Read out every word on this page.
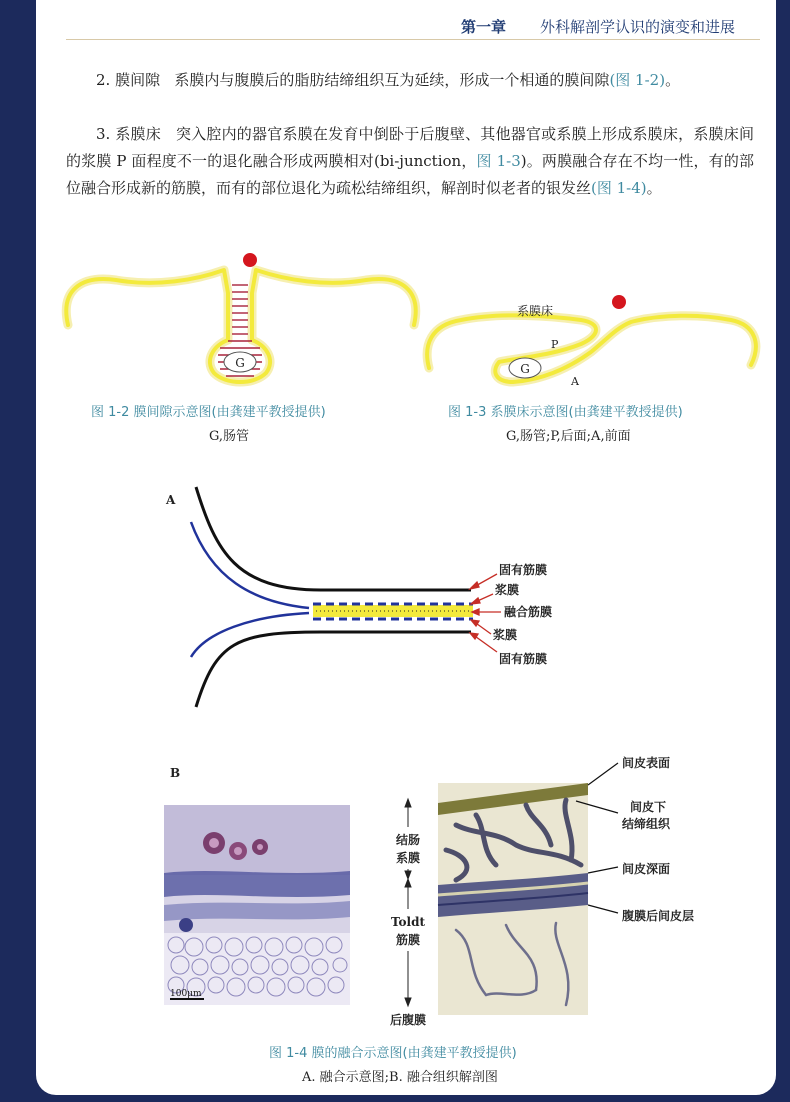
第一章 外科解剖学认识的演变和进展
2. 膜间隙 系膜内与腹膜后的脂肪结缔组织互为延续，形成一个相通的膜间隙(图 1-2)。
3. 系膜床 突入腔内的器官系膜在发育中倒卧于后腹壁、其他器官或系膜上形成系膜床，系膜床间的浆膜 P 面程度不一的退化融合形成两膜相对(bi-junction，图 1-3)。两膜融合存在不均一性，有的部位融合形成新的筋膜，而有的部位退化为疏松结缔组织，解剖时似老者的银发丝(图 1-4)。
G
图 1-2 膜间隙示意图(由龚建平教授提供)
G,肠管
G
系膜床
P
A
图 1-3 系膜床示意图(由龚建平教授提供)
G,肠管;P,后面;A,前面
A
固有筋膜
浆膜
融合筋膜
浆膜
固有筋膜
B
100μm
结肠
系膜
Toldt
筋膜
后腹膜
间皮表面
间皮下
结缔组织
间皮深面
腹膜后间皮层
图 1-4 膜的融合示意图(由龚建平教授提供)
A. 融合示意图;B. 融合组织解剖图
